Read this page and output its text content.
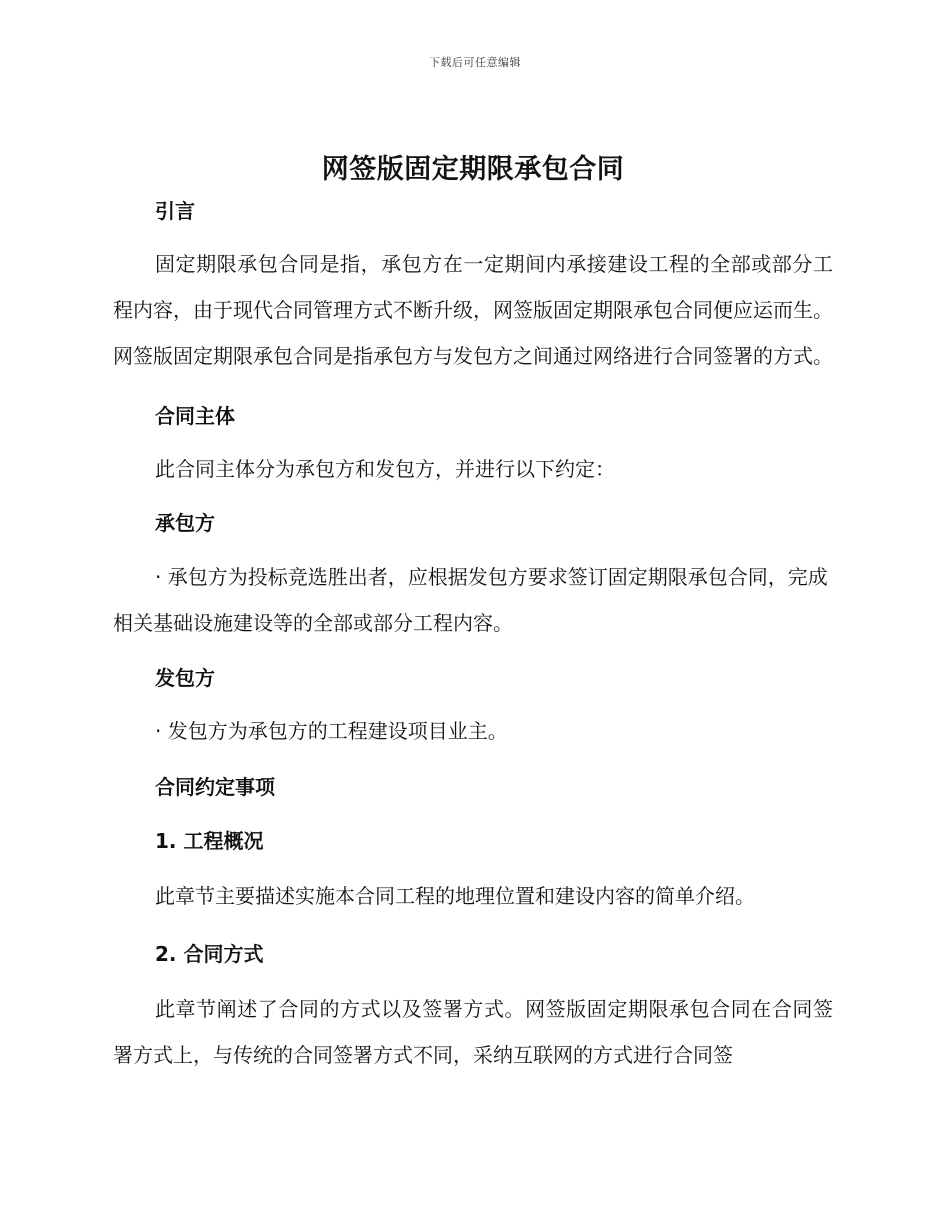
下载后可任意编辑
网签版固定期限承包合同
引言

固定期限承包合同是指，承包方在一定期间内承接建设工程的全部或部分工程内容，由于现代合同管理方式不断升级，网签版固定期限承包合同便应运而生。网签版固定期限承包合同是指承包方与发包方之间通过网络进行合同签署的方式。

合同主体

此合同主体分为承包方和发包方，并进行以下约定：

承包方

· 承包方为投标竞选胜出者，应根据发包方要求签订固定期限承包合同，完成相关基础设施建设等的全部或部分工程内容。

发包方

· 发包方为承包方的工程建设项目业主。

合同约定事项
1. 工程概况

此章节主要描述实施本合同工程的地理位置和建设内容的简单介绍。

2. 合同方式

此章节阐述了合同的方式以及签署方式。网签版固定期限承包合同在合同签署方式上，与传统的合同签署方式不同，采纳互联网的方式进行合同签
